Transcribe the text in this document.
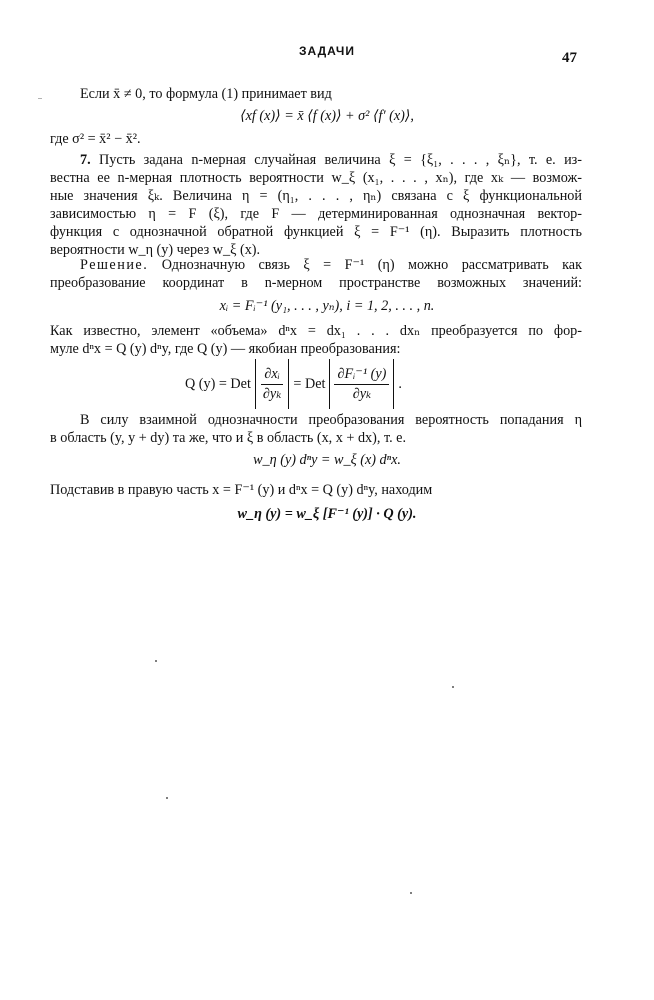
ЗАДАЧИ	47
..	Если x̄ ≠ 0, то формула (1) принимает вид
⟨xf (x)⟩ = x̄ ⟨f (x)⟩ + σ² ⟨f′ (x)⟩,
где σ² = x̄² − x̄².
7. Пусть задана n-мерная случайная величина ξ = {ξ₁, . . . , ξₙ}, т. е. из-
вестна ее n-мерная плотность вероятности w_ξ (x₁, . . . , xₙ), где xₖ — возмож-
ные значения ξₖ. Величина η = (η₁, . . . , ηₙ) связана с ξ функциональной
зависимостью η = F (ξ), где F — детерминированная однозначная вектор-
функция с однозначной обратной функцией ξ = F⁻¹ (η). Выразить плотность
вероятности w_η (y) через w_ξ (x).
Решение. Однозначную связь ξ = F⁻¹ (η) можно рассматривать как
преобразование координат в n-мерном пространстве возможных значений:
xᵢ = Fᵢ⁻¹ (y₁, . . . , yₙ), i = 1, 2, . . . , n.
Как известно, элемент «объема» dⁿx = dx₁ . . . dxₙ преобразуется по фор-
муле dⁿx = Q (y) dⁿy, где Q (y) — якобиан преобразования:
Q (y) = Det $\frac{\text{∂xᵢ}}{\text{∂yₖ}}$ = Det $\frac{\text{∂Fᵢ⁻¹ (y)}}{\text{∂yₖ}}$ .
В силу взаимной однозначности преобразования вероятность попадания η
в область (y, y + dy) та же, что и ξ в область (x, x + dx), т. е.
w_η (y) dⁿy = w_ξ (x) dⁿx.
Подставив в правую часть x = F⁻¹ (y) и dⁿx = Q (y) dⁿy, находим
w_η (y) = w_ξ [F⁻¹ (y)] · Q (y).
